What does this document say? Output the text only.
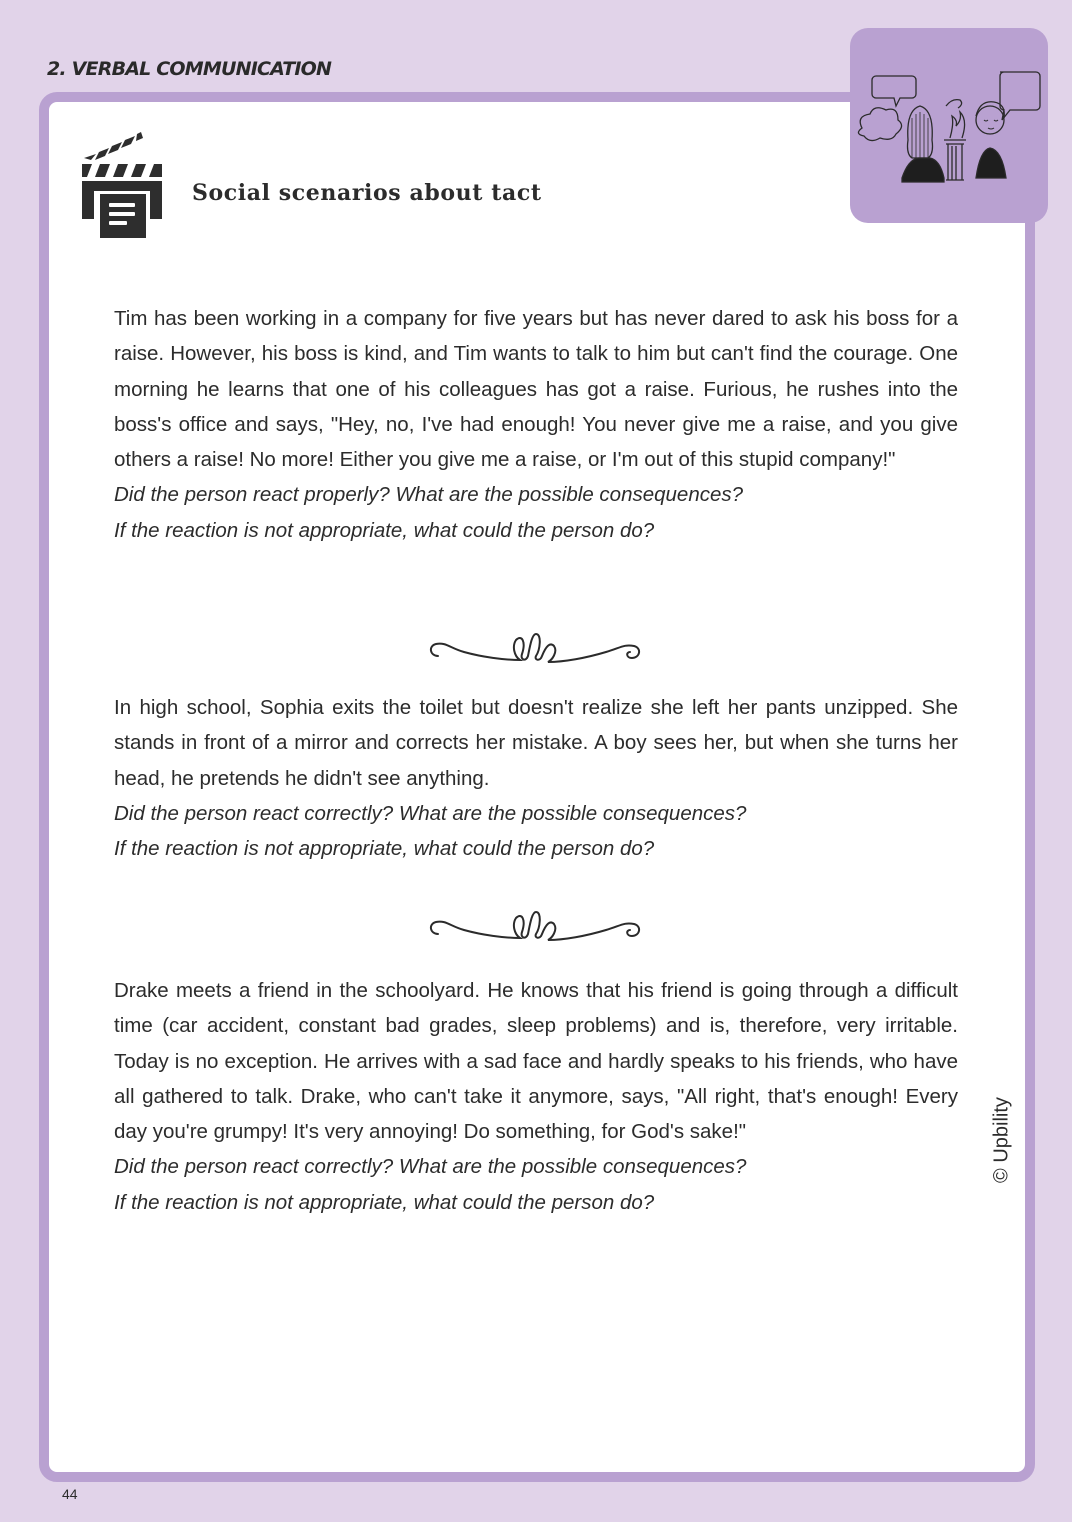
2. VERBAL COMMUNICATION
Social scenarios about tact

Tim has been working in a company for five years but has never dared to ask his boss for a raise. However, his boss is kind, and Tim wants to talk to him but can't find the courage. One morning he learns that one of his colleagues has got a raise. Furious, he rushes into the boss's office and says, "Hey, no, I've had enough! You never give me a raise, and you give others a raise! No more! Either you give me a raise, or I'm out of this stupid company!"

Did the person react properly? What are the possible consequences?
If the reaction is not appropriate, what could the person do?

In high school, Sophia exits the toilet but doesn't realize she left her pants unzipped. She stands in front of a mirror and corrects her mistake. A boy sees her, but when she turns her head, he pretends he didn't see anything.

Did the person react correctly? What are the possible consequences?
If the reaction is not appropriate, what could the person do?

Drake meets a friend in the schoolyard. He knows that his friend is going through a difficult time (car accident, constant bad grades, sleep problems) and is, therefore, very irritable. Today is no exception. He arrives with a sad face and hardly speaks to his friends, who have all gathered to talk. Drake, who can't take it anymore, says, "All right, that's enough! Every day you're grumpy! It's very annoying! Do something, for God's sake!"

Did the person react correctly? What are the possible consequences?
If the reaction is not appropriate, what could the person do?
© Upbility
44
